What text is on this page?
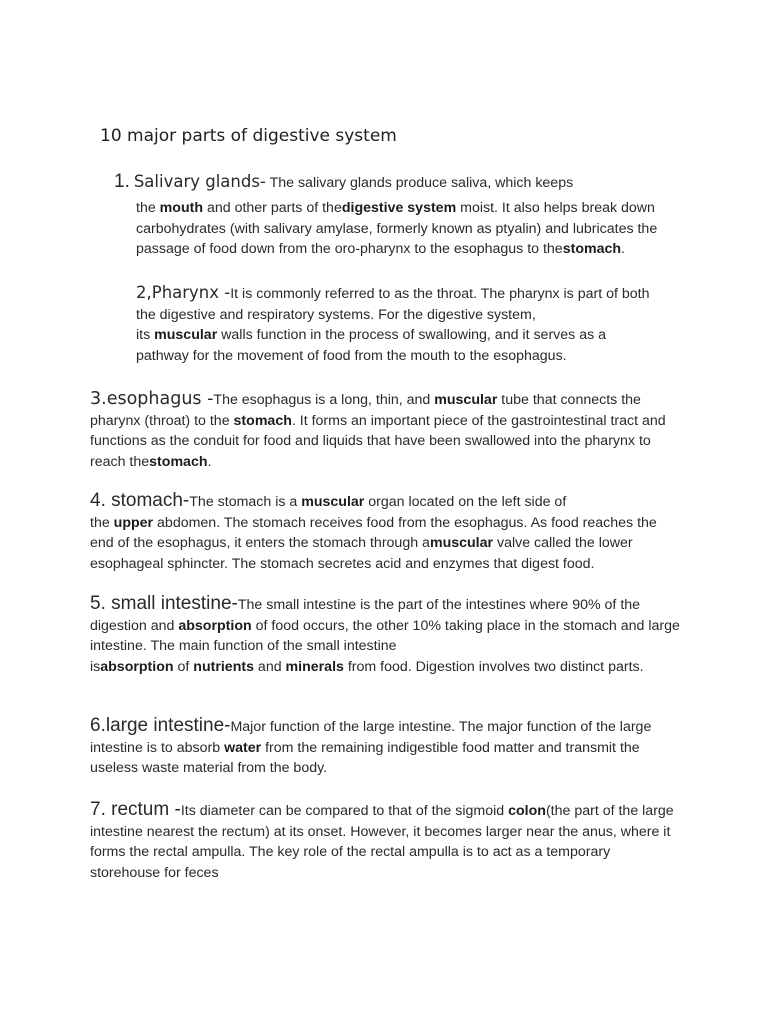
10 major parts of digestive system
1. Salivary glands- The salivary glands produce saliva, which keeps
the mouth and other parts of thedigestive system moist. It also helps break down carbohydrates (with salivary amylase, formerly known as ptyalin) and lubricates the passage of food down from the oro-pharynx to the esophagus to thestomach.
2,Pharynx -It is commonly referred to as the throat. The pharynx is part of both the digestive and respiratory systems. For the digestive system,
its muscular walls function in the process of swallowing, and it serves as a pathway for the movement of food from the mouth to the esophagus.
3.esophagus -The esophagus is a long, thin, and muscular tube that connects the pharynx (throat) to the stomach. It forms an important piece of the gastrointestinal tract and functions as the conduit for food and liquids that have been swallowed into the pharynx to reach thestomach.
4. stomach-The stomach is a muscular organ located on the left side of
the upper abdomen. The stomach receives food from the esophagus. As food reaches the end of the esophagus, it enters the stomach through amuscular valve called the lower esophageal sphincter. The stomach secretes acid and enzymes that digest food.
5. small intestine-The small intestine is the part of the intestines where 90% of the digestion and absorption of food occurs, the other 10% taking place in the stomach and large intestine. The main function of the small intestine
isabsorption of nutrients and minerals from food. Digestion involves two distinct parts.
6.large intestine-Major function of the large intestine. The major function of the large intestine is to absorb water from the remaining indigestible food matter and transmit the useless waste material from the body.
7. rectum -Its diameter can be compared to that of the sigmoid colon(the part of the large intestine nearest the rectum) at its onset. However, it becomes larger near the anus, where it forms the rectal ampulla. The key role of the rectal ampulla is to act as a temporary storehouse for feces
